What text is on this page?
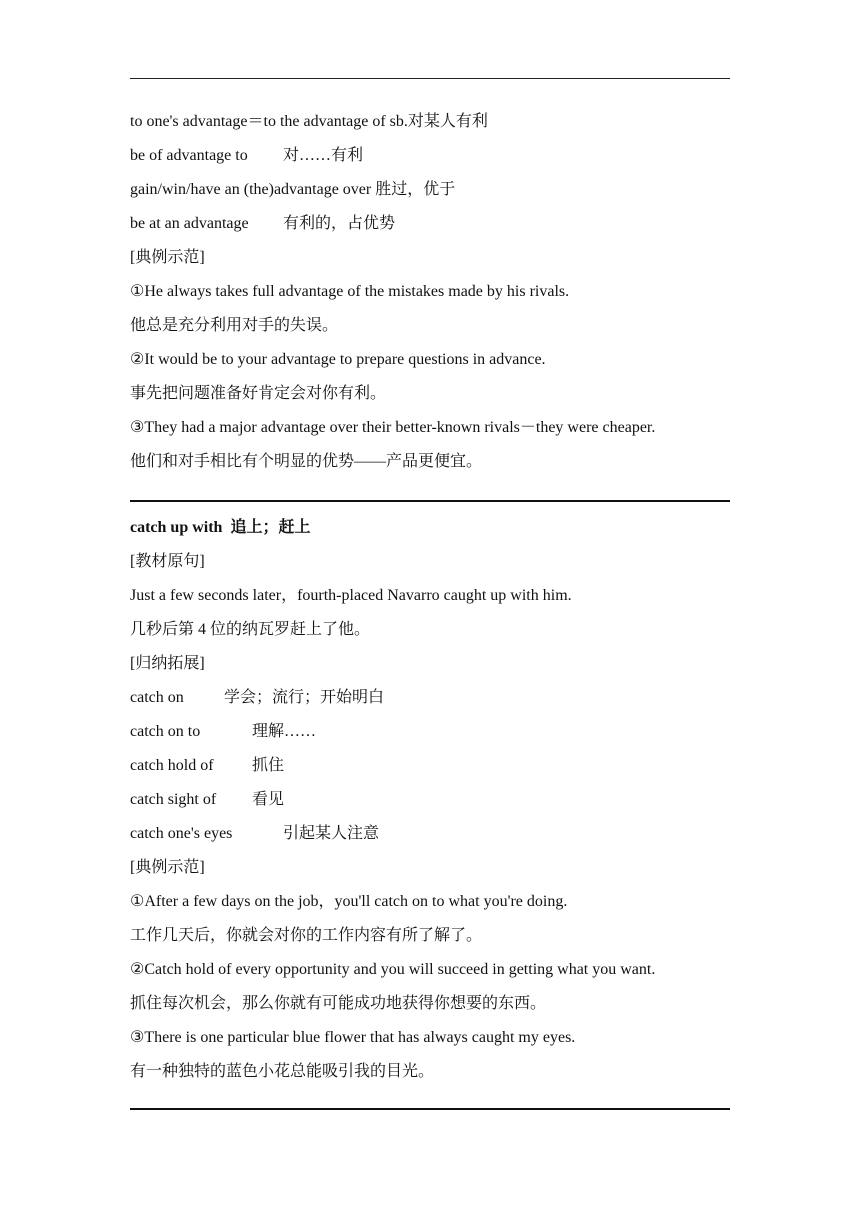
to one's advantage＝to the advantage of sb.对某人有利
be of advantage to 对……有利
gain/win/have an (the)advantage over 胜过，优于
be at an advantage 有利的，占优势
[典例示范]
①He always takes full advantage of the mistakes made by his rivals.
他总是充分利用对手的失误。
②It would be to your advantage to prepare questions in advance.
事先把问题准备好肯定会对你有利。
③They had a major advantage over their better-known rivals－they were cheaper.
他们和对手相比有个明显的优势——产品更便宜。
catch up with 追上；赶上
[教材原句]
Just a few seconds later，fourth-placed Navarro caught up with him.
几秒后第 4 位的纳瓦罗赶上了他。
[归纳拓展]
catch on	学会；流行；开始明白
catch on to	理解……
catch hold of 抓住
catch sight of 看见
catch one's eyes	引起某人注意
[典例示范]
①After a few days on the job，you'll catch on to what you're doing.
工作几天后，你就会对你的工作内容有所了解了。
②Catch hold of every opportunity and you will succeed in getting what you want.
抓住每次机会，那么你就有可能成功地获得你想要的东西。
③There is one particular blue flower that has always caught my eyes.
有一种独特的蓝色小花总能吸引我的目光。
